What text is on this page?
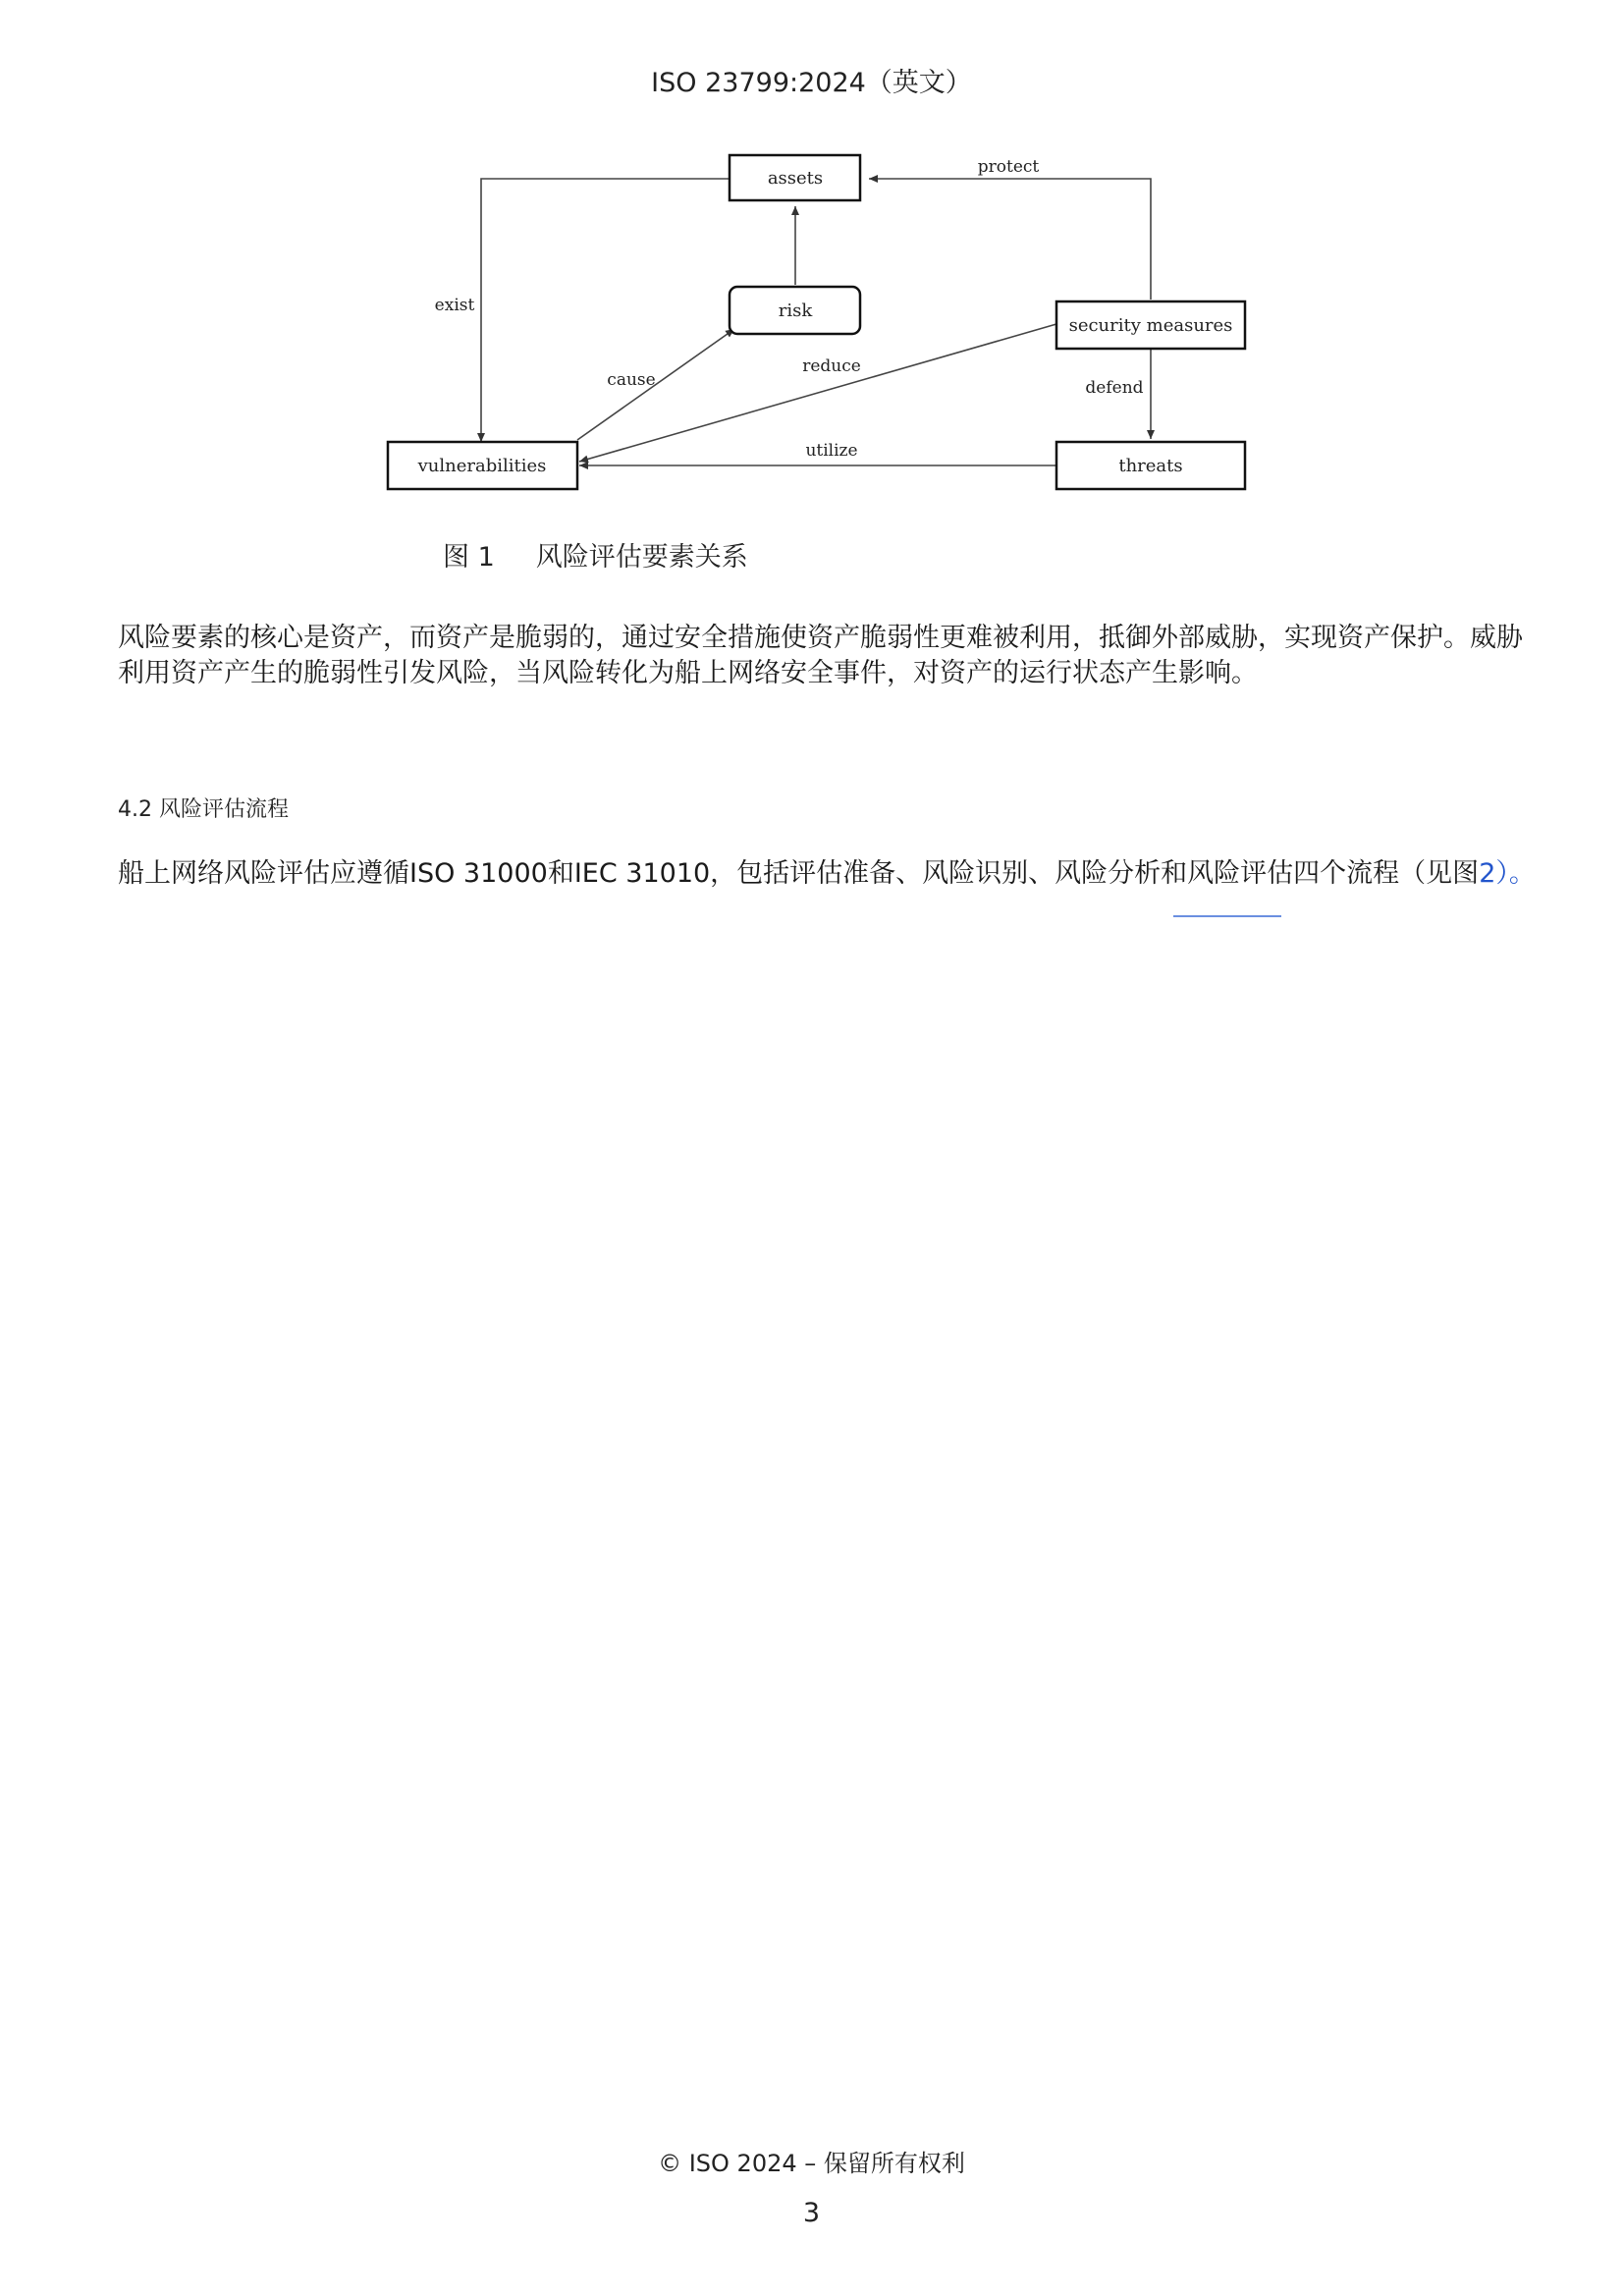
ISO 23799:2024（英文）
assets
risk
security measures
vulnerabilities	threats
protect
exist
cause
reduce
defend
utilize
图 1 风险评估要素关系
风险要素的核心是资产，而资产是脆弱的，通过安全措施使资产脆弱性更难被利用，抵御外部威胁，实现资产保护。威胁利用资产产生的脆弱性引发风险，当风险转化为船上网络安全事件，对资产的运行状态产生影响。
4.2 风险评估流程
船上网络风险评估应遵循ISO 31000和IEC 31010，包括评估准备、风险识别、风险分析和风险评估四个流程（见图2）。
© ISO 2024 – 保留所有权利
3
